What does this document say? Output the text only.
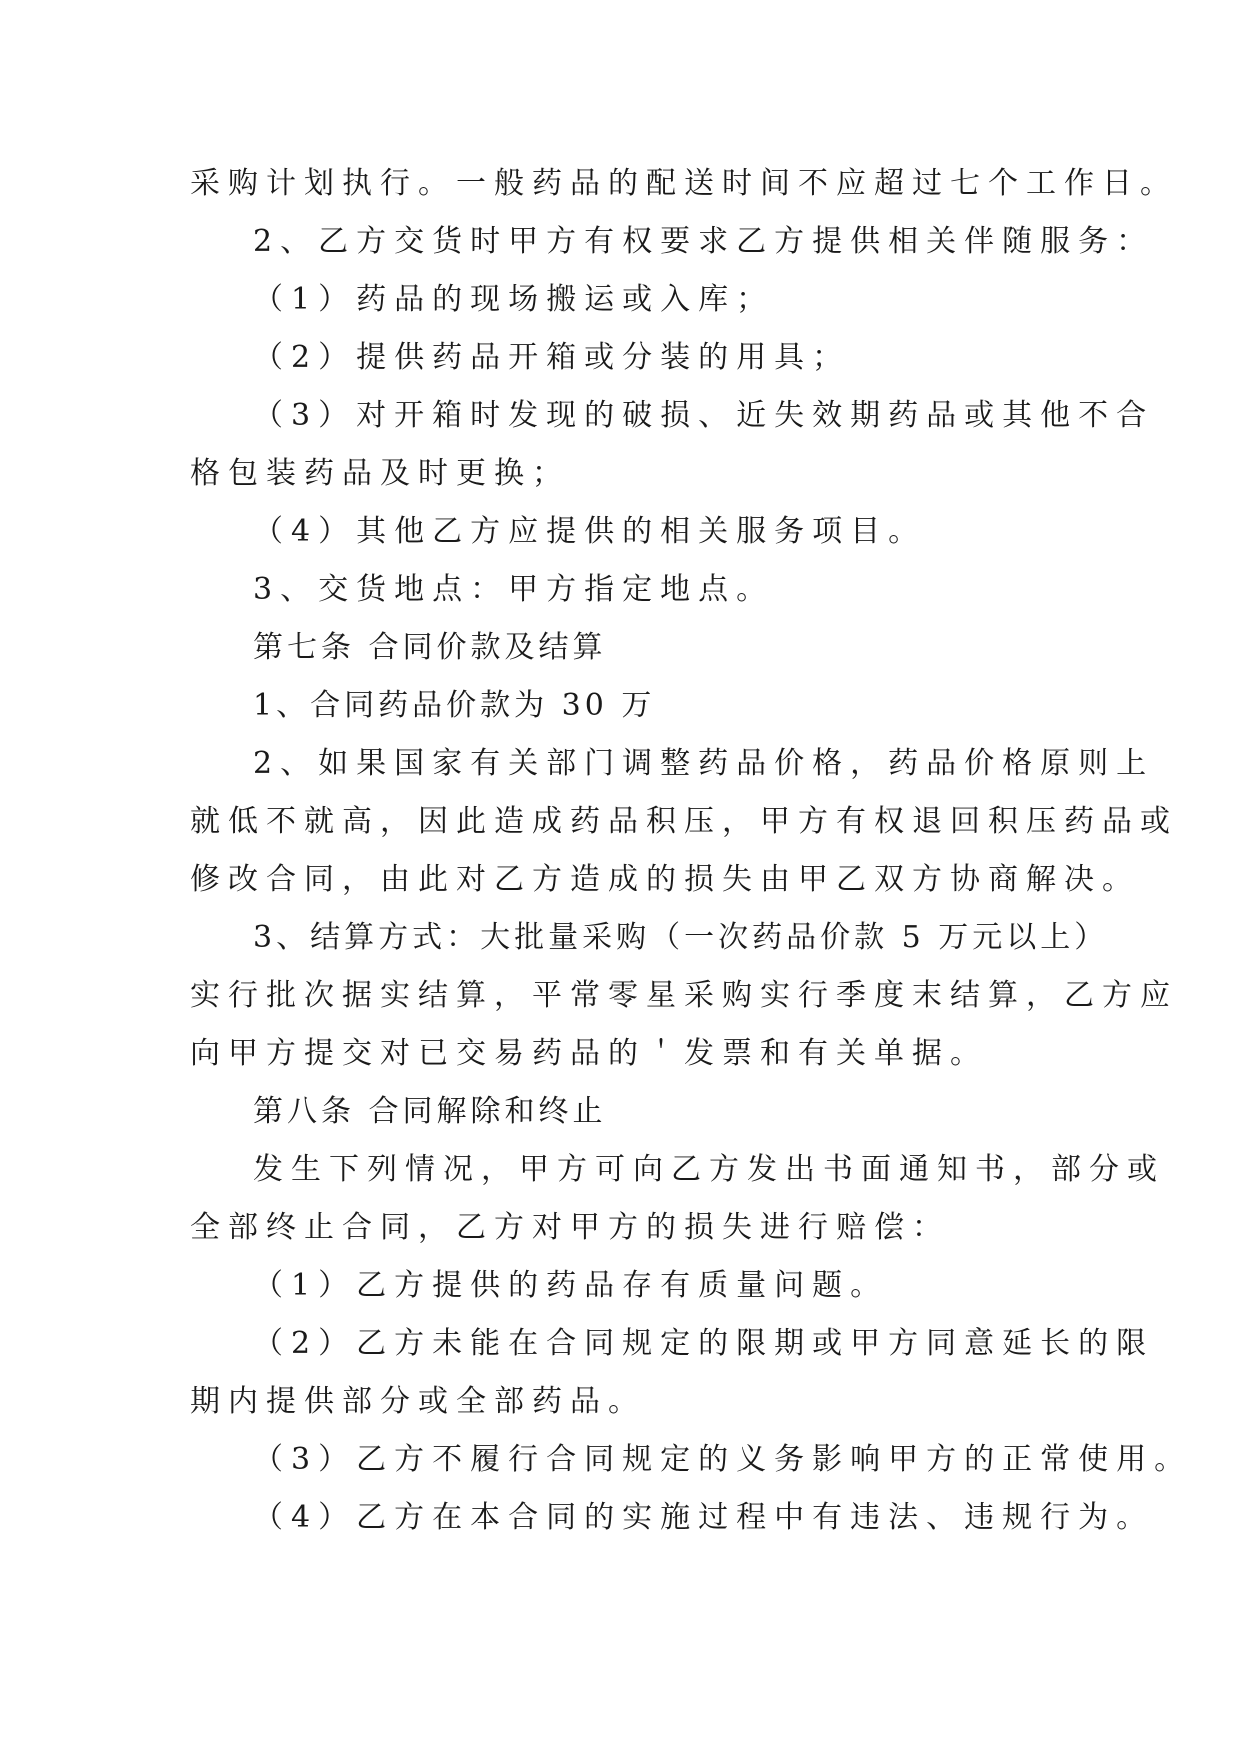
采购计划执行。一般药品的配送时间不应超过七个工作日。
2、乙方交货时甲方有权要求乙方提供相关伴随服务：
（1）药品的现场搬运或入库；
（2）提供药品开箱或分装的用具；
（3）对开箱时发现的破损、近失效期药品或其他不合
格包装药品及时更换；
（4）其他乙方应提供的相关服务项目。
3、交货地点：甲方指定地点。
第七条 合同价款及结算
1、合同药品价款为 30 万
2、如果国家有关部门调整药品价格，药品价格原则上
就低不就高，因此造成药品积压，甲方有权退回积压药品或
修改合同，由此对乙方造成的损失由甲乙双方协商解决。
3、结算方式：大批量采购（一次药品价款 5 万元以上）
实行批次据实结算，平常零星采购实行季度末结算，乙方应
向甲方提交对已交易药品的＇发票和有关单据。
第八条 合同解除和终止
发生下列情况，甲方可向乙方发出书面通知书，部分或
全部终止合同，乙方对甲方的损失进行赔偿：
（1）乙方提供的药品存有质量问题。
（2）乙方未能在合同规定的限期或甲方同意延长的限
期内提供部分或全部药品。
（3）乙方不履行合同规定的义务影响甲方的正常使用。
（4）乙方在本合同的实施过程中有违法、违规行为。
